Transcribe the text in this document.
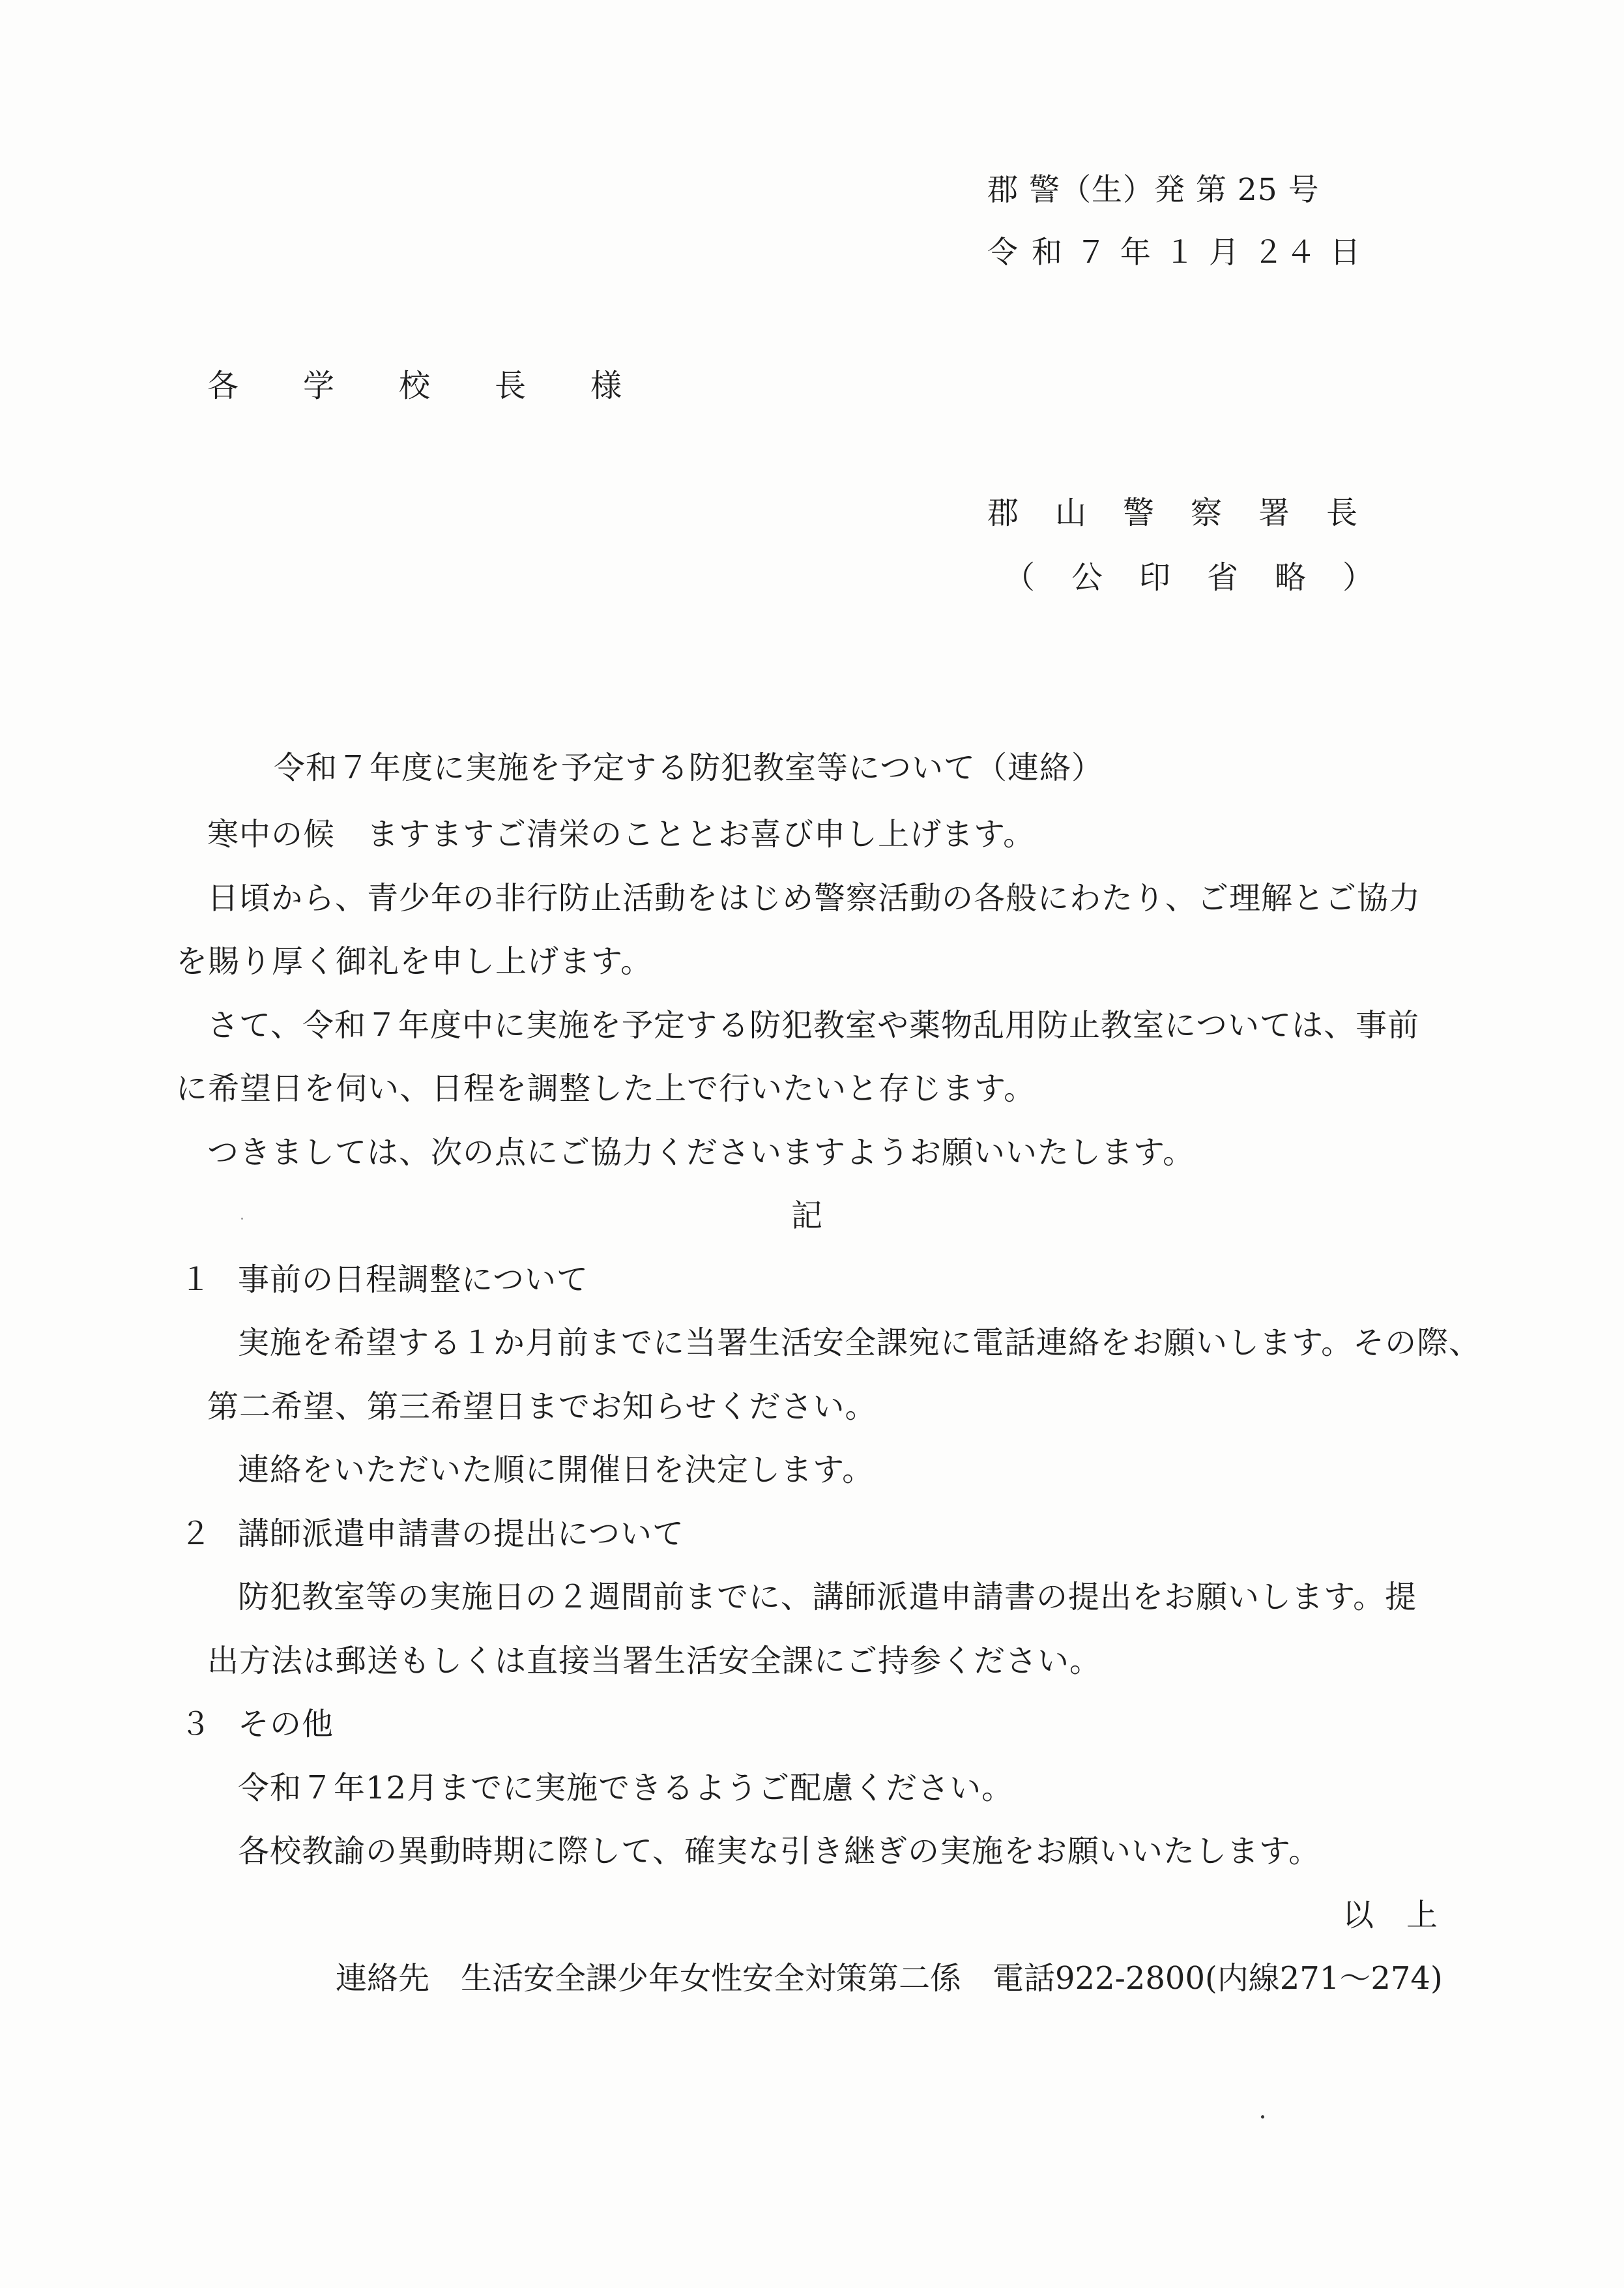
郡 警（生）発 第 25 号
令 和 ７ 年 １ 月 ２４ 日
各　　学　　校　　長　　様
郡　山　警　察　署　長
（　公　印　省　略　）
令和７年度に実施を予定する防犯教室等について（連絡）
寒中の候　ますますご清栄のこととお喜び申し上げます。
日頃から、青少年の非行防止活動をはじめ警察活動の各般にわたり、ご理解とご協力
を賜り厚く御礼を申し上げます。
さて、令和７年度中に実施を予定する防犯教室や薬物乱用防止教室については、事前
に希望日を伺い、日程を調整した上で行いたいと存じます。
つきましては、次の点にご協力くださいますようお願いいたします。
記
１ 事前の日程調整について
実施を希望する１か月前までに当署生活安全課宛に電話連絡をお願いします。その際、
第二希望、第三希望日までお知らせください。
連絡をいただいた順に開催日を決定します。
２ 講師派遣申請書の提出について
防犯教室等の実施日の２週間前までに、講師派遣申請書の提出をお願いします。提
出方法は郵送もしくは直接当署生活安全課にご持参ください。
３ その他
令和７年12月までに実施できるようご配慮ください。
各校教諭の異動時期に際して、確実な引き継ぎの実施をお願いいたします。
以　上
連絡先　生活安全課少年女性安全対策第二係　電話922-2800(内線271～274)
